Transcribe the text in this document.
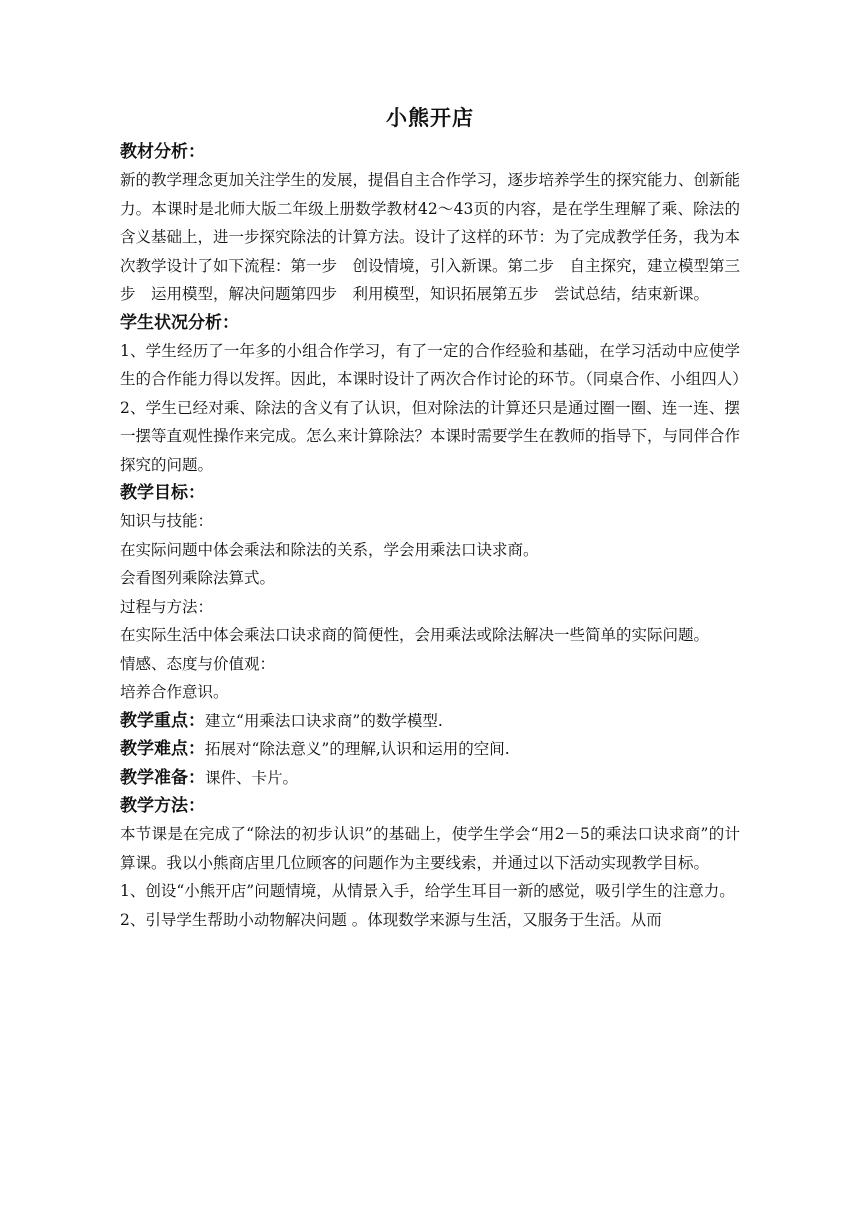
小熊开店
教材分析：

新的教学理念更加关注学生的发展，提倡自主合作学习，逐步培养学生的探究能力、创新能力。本课时是北师大版二年级上册数学教材42～43页的内容，是在学生理解了乘、除法的含义基础上，进一步探究除法的计算方法。设计了这样的环节：为了完成教学任务，我为本次教学设计了如下流程：第一步　创设情境，引入新课。第二步　自主探究，建立模型第三步　运用模型，解决问题第四步　利用模型，知识拓展第五步　尝试总结，结束新课。

学生状况分析：

1、学生经历了一年多的小组合作学习，有了一定的合作经验和基础，在学习活动中应使学生的合作能力得以发挥。因此，本课时设计了两次合作讨论的环节。（同桌合作、小组四人）

2、学生已经对乘、除法的含义有了认识，但对除法的计算还只是通过圈一圈、连一连、摆一摆等直观性操作来完成。怎么来计算除法？本课时需要学生在教师的指导下，与同伴合作探究的问题。

教学目标：

知识与技能：

在实际问题中体会乘法和除法的关系，学会用乘法口诀求商。

会看图列乘除法算式。

过程与方法：

在实际生活中体会乘法口诀求商的简便性，会用乘法或除法解决一些简单的实际问题。

情感、态度与价值观：

培养合作意识。

教学重点：建立“用乘法口诀求商”的数学模型.
教学难点：拓展对“除法意义”的理解,认识和运用的空间.
教学准备：课件、卡片。
教学方法：

本节课是在完成了“除法的初步认识”的基础上，使学生学会“用2－5的乘法口诀求商”的计算课。我以小熊商店里几位顾客的问题作为主要线索，并通过以下活动实现教学目标。

1、创设“小熊开店”问题情境，从情景入手，给学生耳目一新的感觉，吸引学生的注意力。

2、引导学生帮助小动物解决问题 。体现数学来源与生活，又服务于生活。从而
